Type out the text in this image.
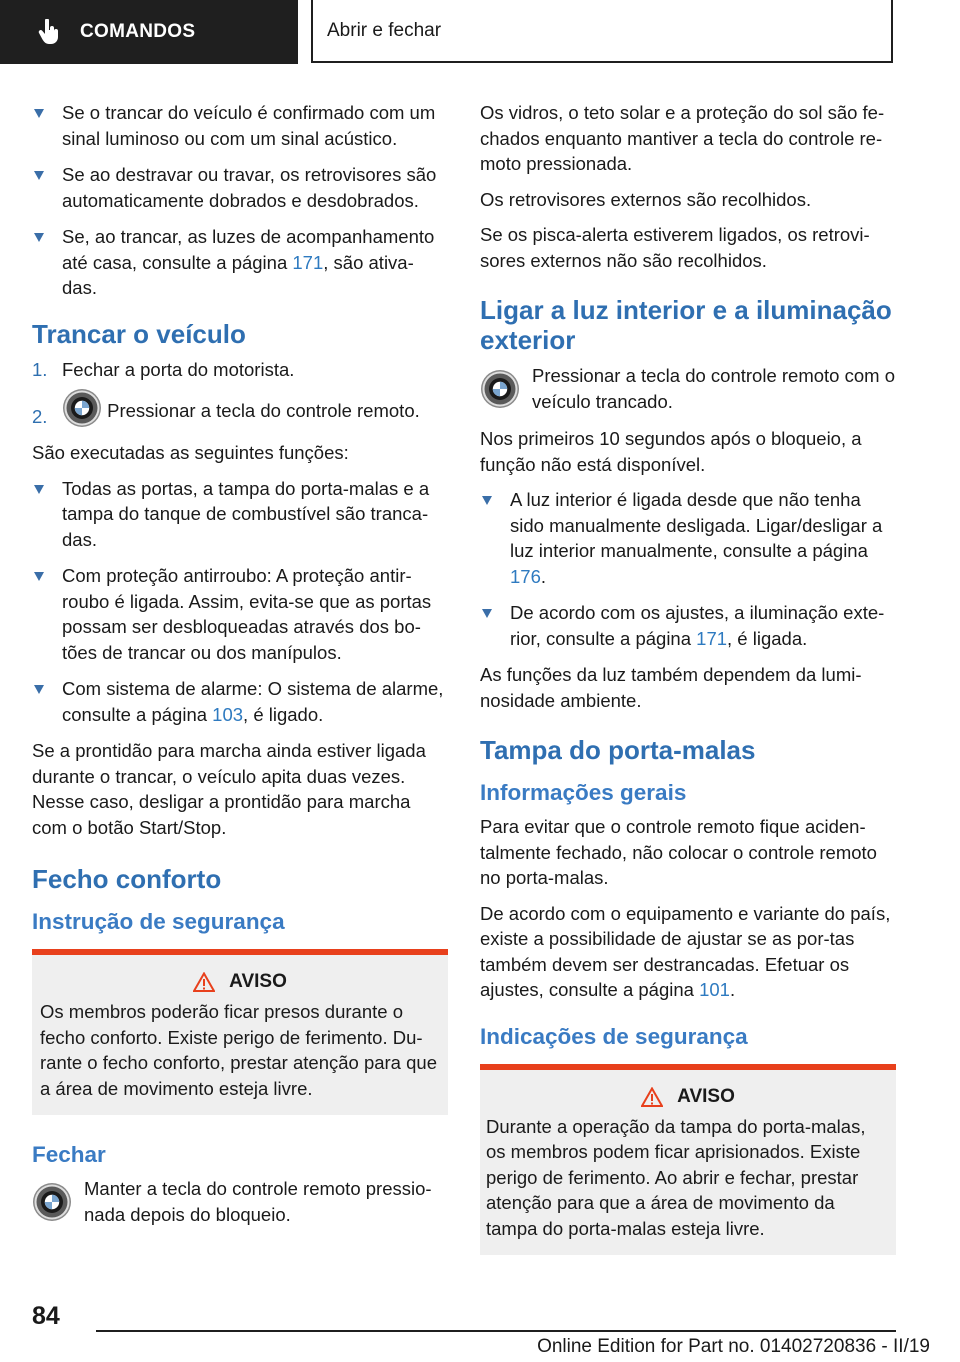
COMANDOS	Abrir e fechar
Se o trancar do veículo é confirmado com um sinal luminoso ou com um sinal acústico.
Se ao destravar ou travar, os retrovisores são automaticamente dobrados e desdobrados.
Se, ao trancar, as luzes de acompanhamento até casa, consulte a página 171, são ativa-das.
Trancar o veículo
1. Fechar a porta do motorista.
2.	Pressionar a tecla do controle remoto.

São executadas as seguintes funções:

Todas as portas, a tampa do porta-malas e a tampa do tanque de combustível são tranca-das.
Com proteção antirroubo: A proteção antir-roubo é ligada. Assim, evita-se que as portas possam ser desbloqueadas através dos bo-tões de trancar ou dos manípulos.
Com sistema de alarme: O sistema de alarme, consulte a página 103, é ligado.

Se a prontidão para marcha ainda estiver ligada durante o trancar, o veículo apita duas vezes. Nesse caso, desligar a prontidão para marcha com o botão Start/Stop.

Fecho conforto
Instrução de segurança
AVISO

Os membros poderão ficar presos durante o fecho conforto. Existe perigo de ferimento. Du-rante o fecho conforto, prestar atenção para que a área de movimento esteja livre.

Fechar
Manter a tecla do controle remoto pressio-nada depois do bloqueio.

Os vidros, o teto solar e a proteção do sol são fe-chados enquanto mantiver a tecla do controle re-moto pressionada.

Os retrovisores externos são recolhidos.

Se os pisca-alerta estiverem ligados, os retrovi-sores externos não são recolhidos.

Ligar a luz interior e a iluminação exterior
Pressionar a tecla do controle remoto com o veículo trancado.

Nos primeiros 10 segundos após o bloqueio, a função não está disponível.

A luz interior é ligada desde que não tenha sido manualmente desligada. Ligar/desligar a luz interior manualmente, consulte a página 176.
De acordo com os ajustes, a iluminação exte-rior, consulte a página 171, é ligada.

As funções da luz também dependem da lumi-nosidade ambiente.

Tampa do porta-malas
Informações gerais

Para evitar que o controle remoto fique aciden-talmente fechado, não colocar o controle remoto no porta-malas.

De acordo com o equipamento e variante do país, existe a possibilidade de ajustar se as por-tas também devem ser destrancadas. Efetuar os ajustes, consulte a página 101.

Indicações de segurança
AVISO

Durante a operação da tampa do porta-malas, os membros podem ficar aprisionados. Existe perigo de ferimento. Ao abrir e fechar, prestar atenção para que a área de movimento da tampa do porta-malas esteja livre.

84
Online Edition for Part no. 01402720836 - II/19
